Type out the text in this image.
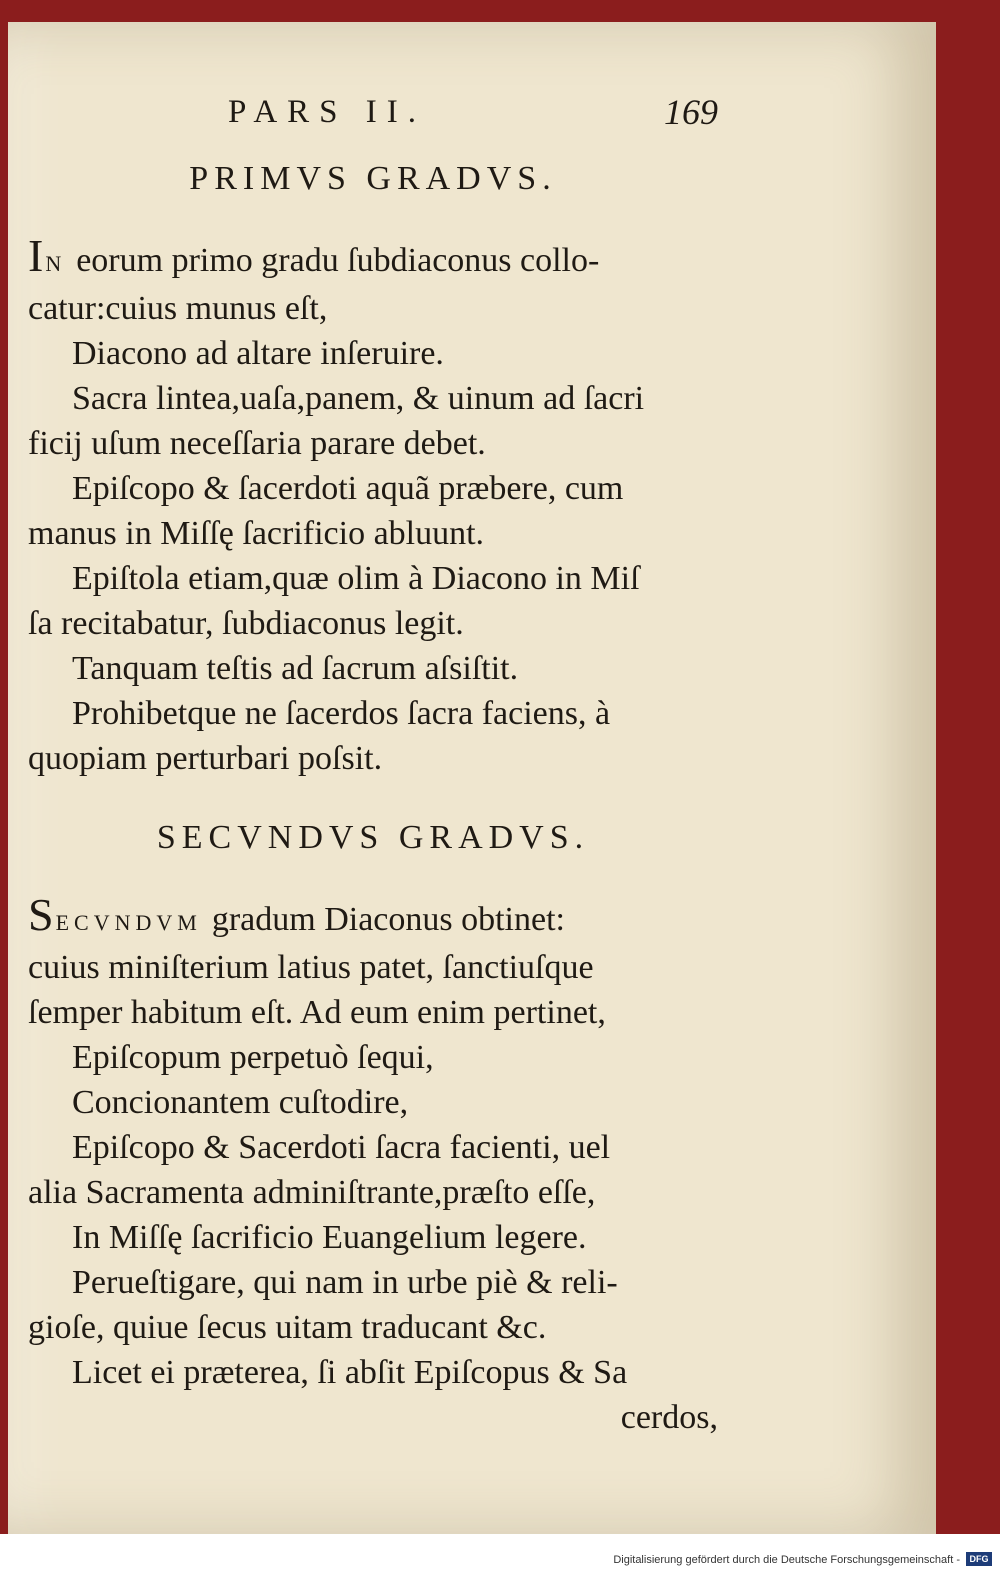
PARS II.	169
PRIMVS GRADVS.
IN eorum primo gradu ſubdiaconus collo-
catur:cuius munus eſt,
Diacono ad altare inſeruire.
Sacra lintea,uaſa,panem, & uinum ad ſacri
ficij uſum neceſſaria parare debet.
Epiſcopo & ſacerdoti aquã præbere, cum
manus in Miſſę ſacrificio abluunt.
Epiſtola etiam,quæ olim à Diacono in Miſ
ſa recitabatur, ſubdiaconus legit.
Tanquam teſtis ad ſacrum aſsiſtit.
Prohibetque ne ſacerdos ſacra faciens, à
quopiam perturbari poſsit.
SECVNDVS GRADVS.
SECVNDVM gradum Diaconus obtinet:
cuius miniſterium latius patet, ſanctiuſque
ſemper habitum eſt. Ad eum enim pertinet,
Epiſcopum perpetuò ſequi,
Concionantem cuſtodire,
Epiſcopo & Sacerdoti ſacra facienti, uel
alia Sacramenta adminiſtrante,præſto eſſe,
In Miſſę ſacrificio Euangelium legere.
Perueſtigare, qui nam in urbe piè & reli-
gioſe, quiue ſecus uitam traducant &c.
Licet ei præterea, ſi abſit Epiſcopus & Sa
cerdos,
Digitalisierung gefördert durch die Deutsche Forschungsgemeinschaft -	DFG
